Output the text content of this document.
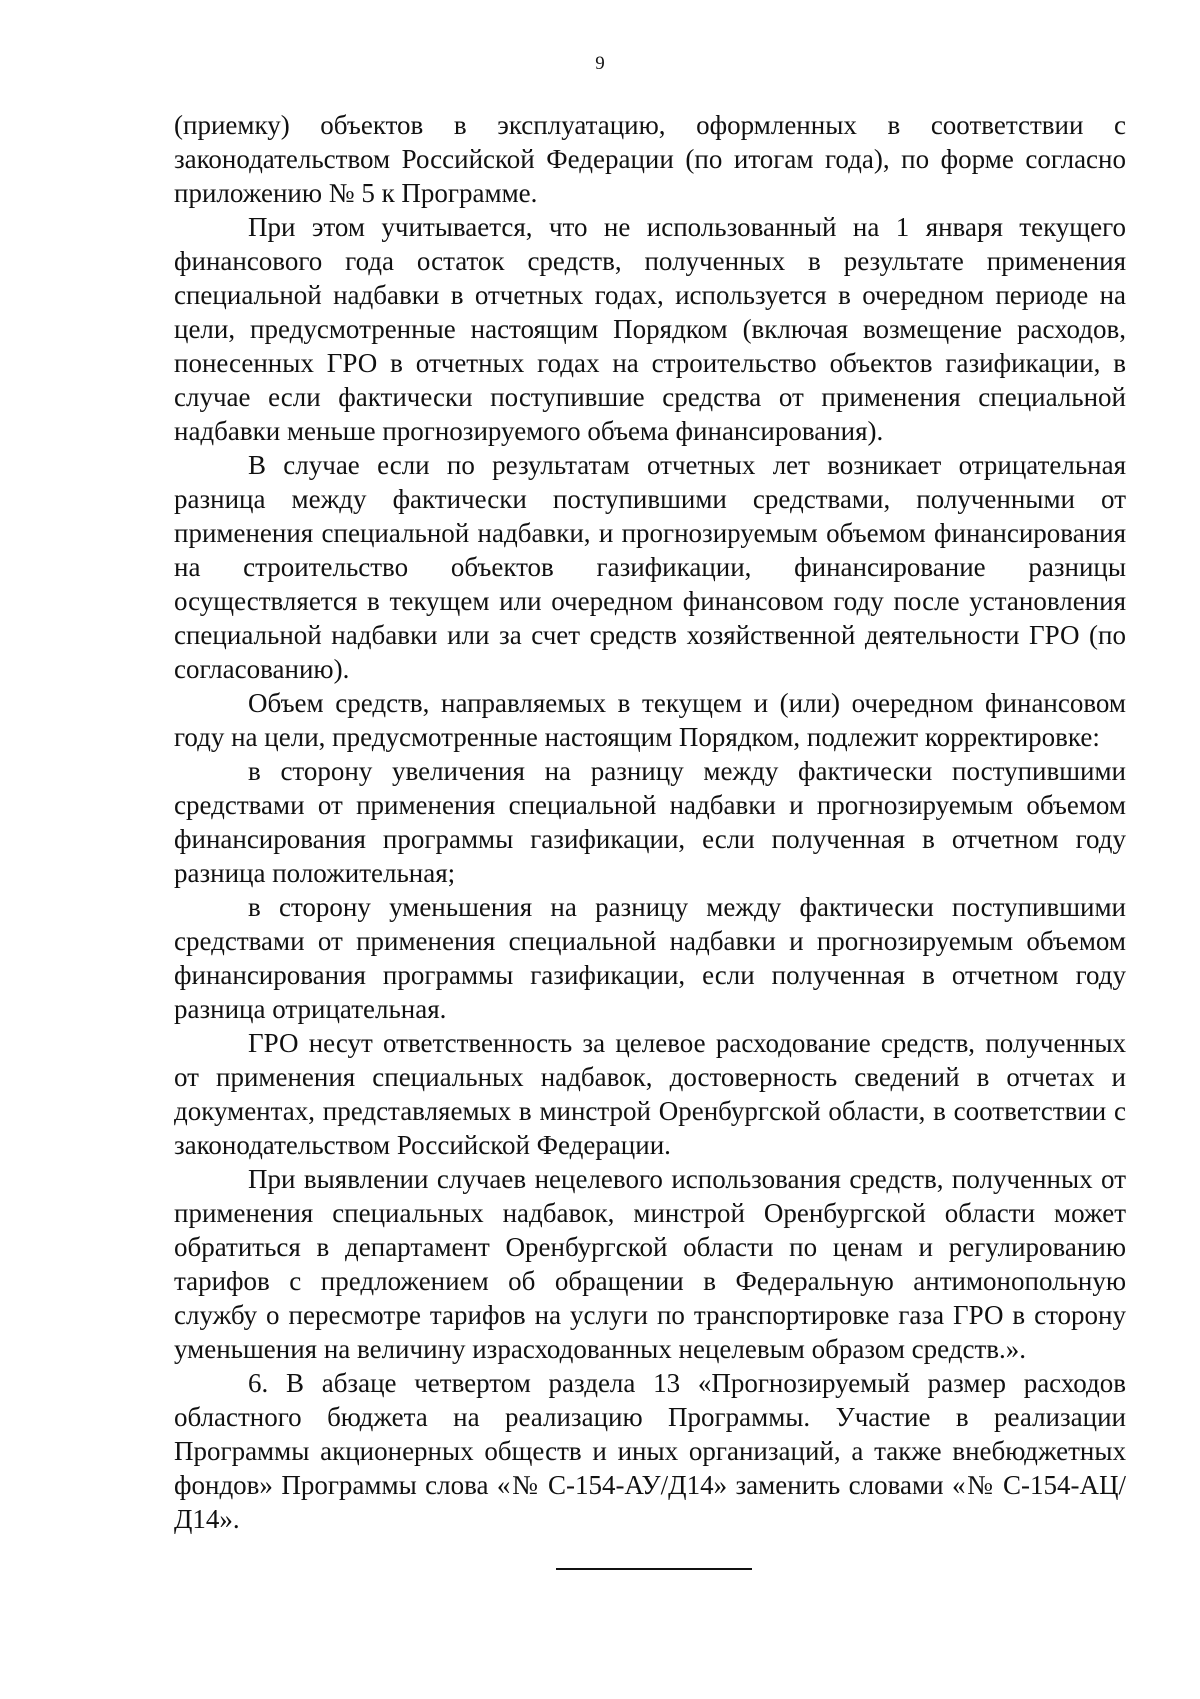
9

(приемку) объектов в эксплуатацию, оформленных в соответствии с законодательством Российской Федерации (по итогам года), по форме согласно приложению № 5 к Программе.

При этом учитывается, что не использованный на 1 января текущего финансового года остаток средств, полученных в результате применения специальной надбавки в отчетных годах, используется в очередном периоде на цели, предусмотренные настоящим Порядком (включая возмещение расходов, понесенных ГРО в отчетных годах на строительство объектов газификации, в случае если фактически поступившие средства от применения специальной надбавки меньше прогнозируемого объема финансирования).

В случае если по результатам отчетных лет возникает отрицательная разница между фактически поступившими средствами, полученными от применения специальной надбавки, и прогнозируемым объемом финансирования на строительство объектов газификации, финансирование разницы осуществляется в текущем или очередном финансовом году после установления специальной надбавки или за счет средств хозяйственной деятельности ГРО (по согласованию).

Объем средств, направляемых в текущем и (или) очередном финансовом году на цели, предусмотренные настоящим Порядком, подлежит корректировке:

в сторону увеличения на разницу между фактически поступившими средствами от применения специальной надбавки и прогнозируемым объемом финансирования программы газификации, если полученная в отчетном году разница положительная;

в сторону уменьшения на разницу между фактически поступившими средствами от применения специальной надбавки и прогнозируемым объемом финансирования программы газификации, если полученная в отчетном году разница отрицательная.

ГРО несут ответственность за целевое расходование средств, полученных от применения специальных надбавок, достоверность сведений в отчетах и документах, представляемых в минстрой Оренбургской области, в соответствии с законодательством Российской Федерации.

При выявлении случаев нецелевого использования средств, полученных от применения специальных надбавок, минстрой Оренбургской области может обратиться в департамент Оренбургской области по ценам и регулированию тарифов с предложением об обращении в Федеральную антимонопольную службу о пересмотре тарифов на услуги по транспортировке газа ГРО в сторону уменьшения на величину израсходованных нецелевым образом средств.».

6. В абзаце четвертом раздела 13 «Прогнозируемый размер расходов областного бюджета на реализацию Программы. Участие в реализации Программы акционерных обществ и иных организаций, а также внебюджетных фондов» Программы слова «№ С-154-АУ/Д14» заменить словами «№ С-154-АЦ/Д14».
